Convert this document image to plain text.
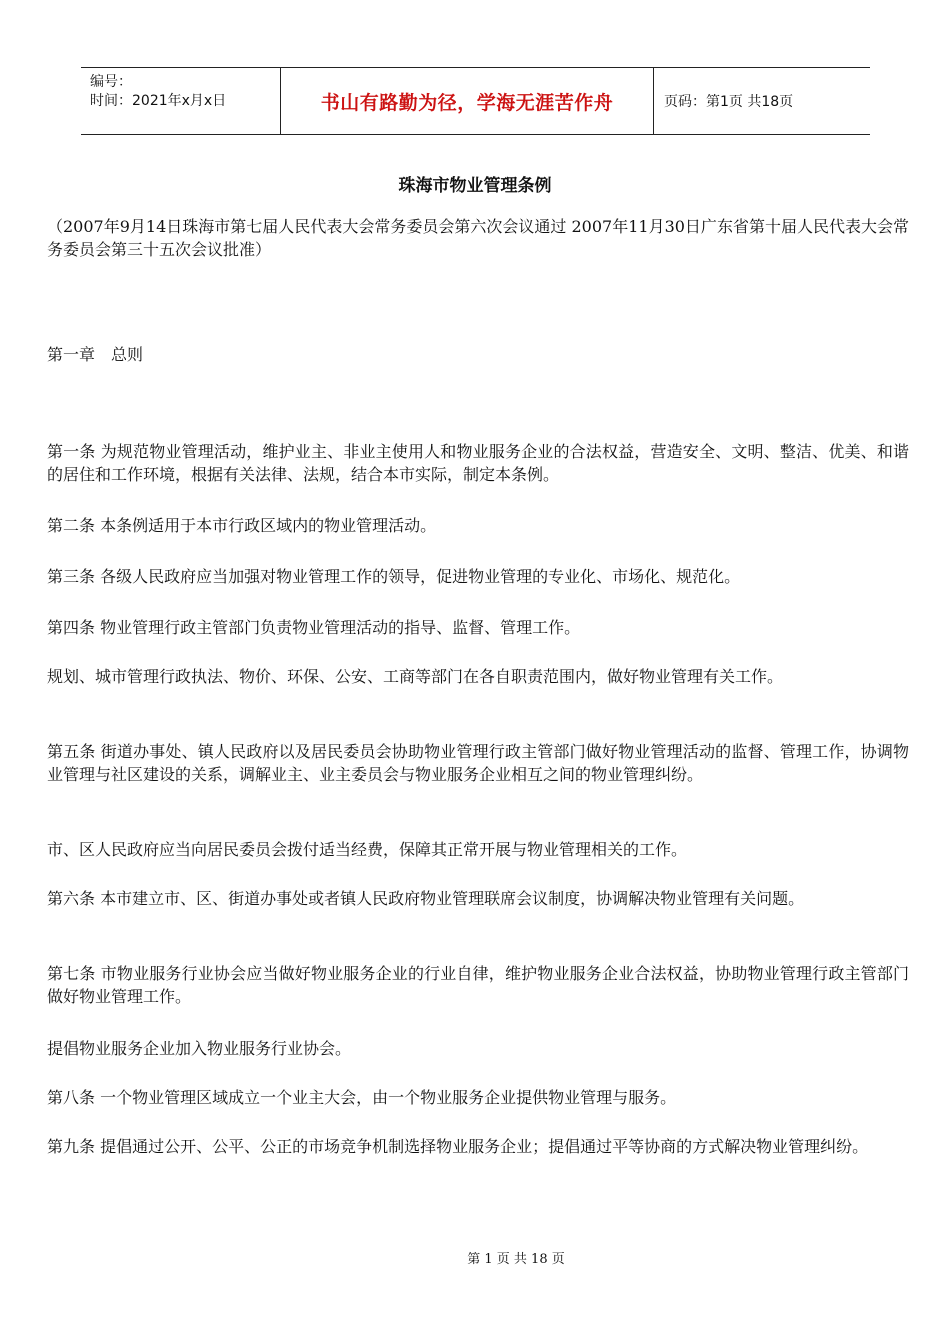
编号：
时间：2021年x月x日	书山有路勤为径，学海无涯苦作舟	页码：第1页 共18页
珠海市物业管理条例
（2007年9月14日珠海市第七届人民代表大会常务委员会第六次会议通过 2007年11月30日广东省第十届人民代表大会常务委员会第三十五次会议批准）
第一章　总则
第一条 为规范物业管理活动，维护业主、非业主使用人和物业服务企业的合法权益，营造安全、文明、整洁、优美、和谐的居住和工作环境，根据有关法律、法规，结合本市实际，制定本条例。
第二条 本条例适用于本市行政区域内的物业管理活动。
第三条 各级人民政府应当加强对物业管理工作的领导，促进物业管理的专业化、市场化、规范化。
第四条 物业管理行政主管部门负责物业管理活动的指导、监督、管理工作。
规划、城市管理行政执法、物价、环保、公安、工商等部门在各自职责范围内，做好物业管理有关工作。
第五条 街道办事处、镇人民政府以及居民委员会协助物业管理行政主管部门做好物业管理活动的监督、管理工作，协调物业管理与社区建设的关系，调解业主、业主委员会与物业服务企业相互之间的物业管理纠纷。
市、区人民政府应当向居民委员会拨付适当经费，保障其正常开展与物业管理相关的工作。
第六条 本市建立市、区、街道办事处或者镇人民政府物业管理联席会议制度，协调解决物业管理有关问题。
第七条 市物业服务行业协会应当做好物业服务企业的行业自律，维护物业服务企业合法权益，协助物业管理行政主管部门做好物业管理工作。
提倡物业服务企业加入物业服务行业协会。
第八条 一个物业管理区域成立一个业主大会，由一个物业服务企业提供物业管理与服务。
第九条 提倡通过公开、公平、公正的市场竞争机制选择物业服务企业；提倡通过平等协商的方式解决物业管理纠纷。
第 1 页 共 18 页
